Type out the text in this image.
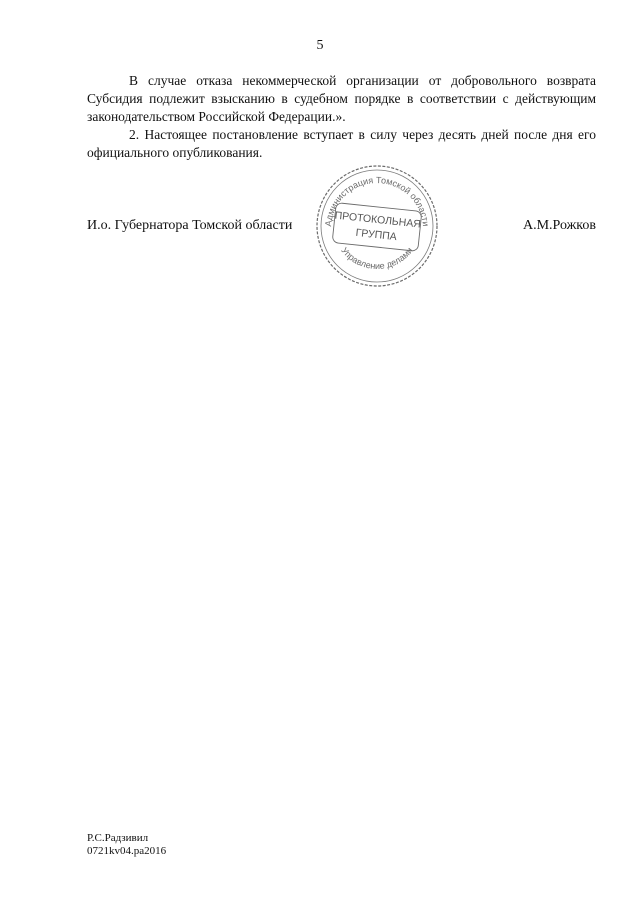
5

В случае отказа некоммерческой организации от добровольного возврата Субсидия подлежит взысканию в судебном порядке в соответствии с действующим законодательством Российской Федерации.».

2. Настоящее постановление вступает в силу через десять дней после дня его официального опубликования.

И.о. Губернатора Томской области	Администрация Томской области
Управление делами
ПРОТОКОЛЬНАЯ
ГРУППА
А.М.Рожков
Р.С.Радзивил
0721kv04.pa2016
